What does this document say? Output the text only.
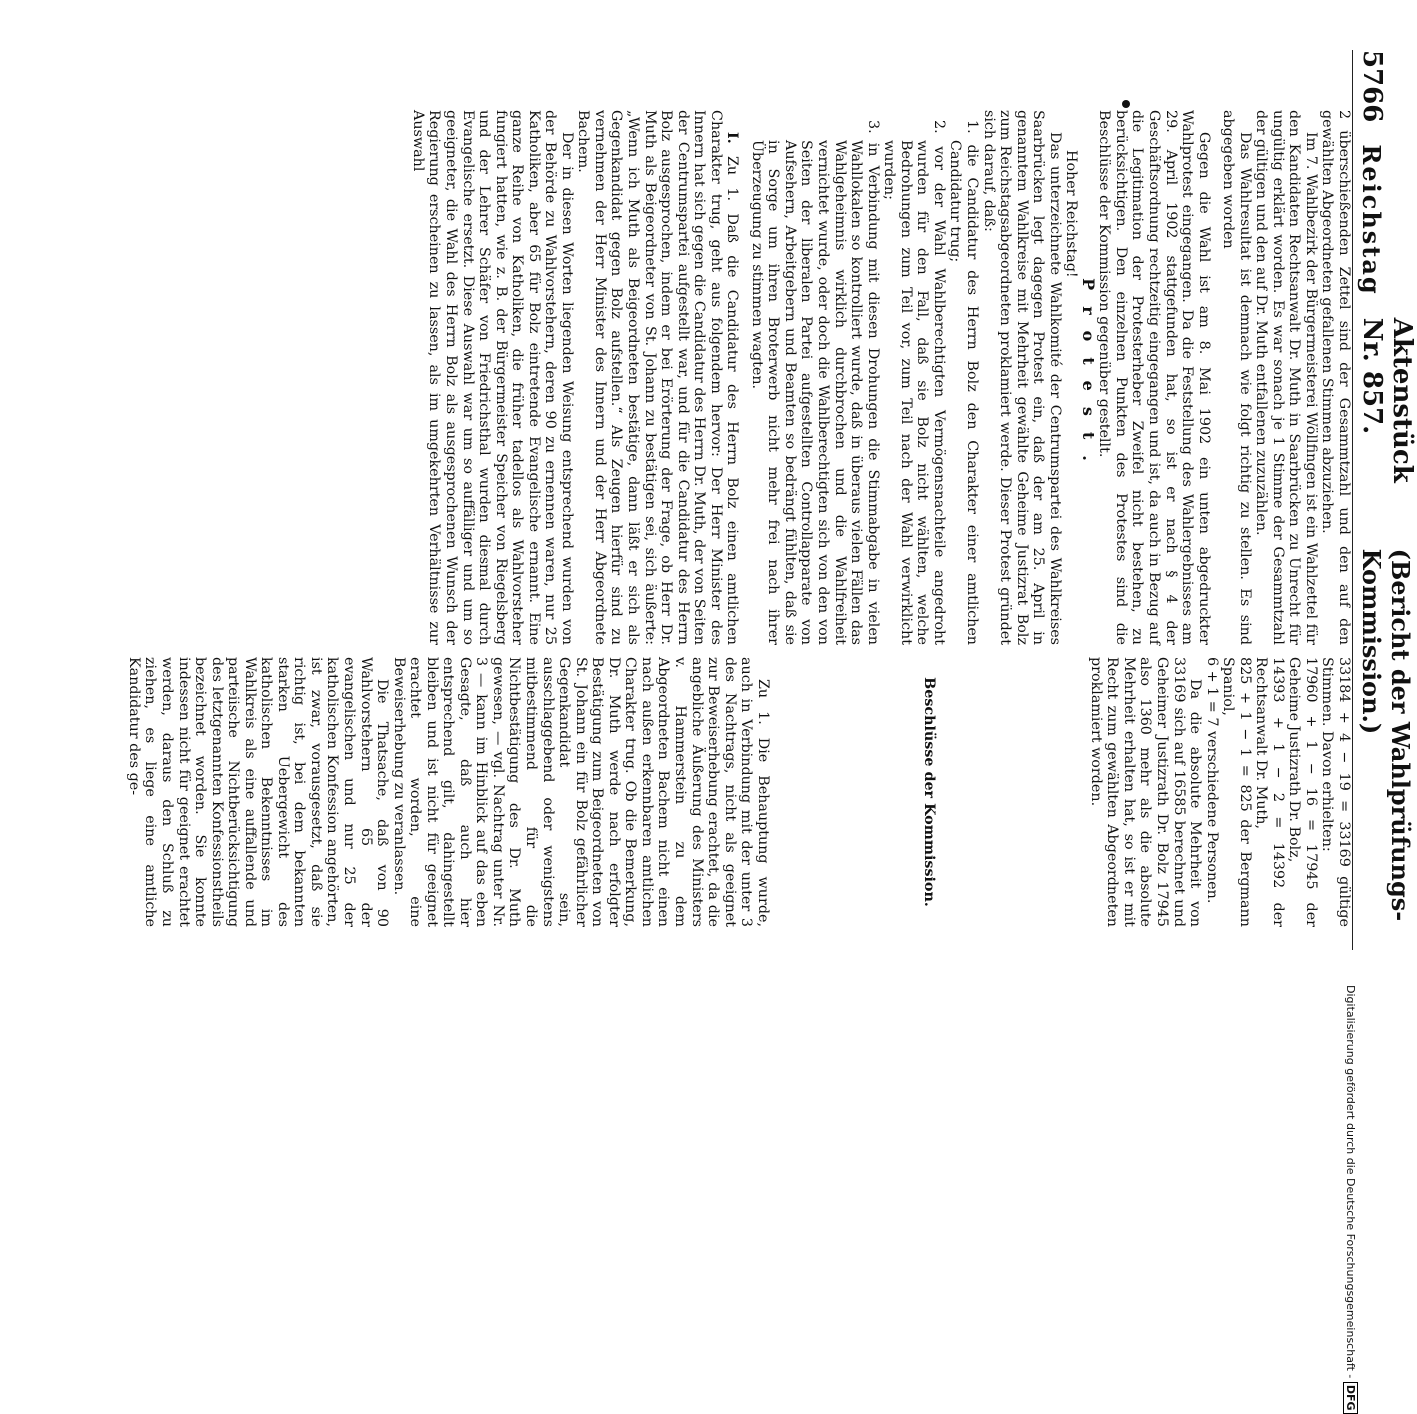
5766
Reichstag
Aktenstück Nr. 857.
(Bericht der Wahlprüfungs-Kommission.)

2 überschießenden Zettel sind der Gesammtzahl und den auf den gewählten Abgeordneten gefallenen Stimmen abzuziehen.

Im 7. Wahlbezirk der Bürgermeisterei Wöllfingen ist ein Wahlzettel für den Kandidaten Rechtsanwalt Dr. Muth in Saarbrücken zu Unrecht für ungültig erklärt worden. Es war sonach je 1 Stimme der Gesammtzahl der gültigen und den auf Dr. Muth entfallenen zuzuzählen.

Das Wahlresultat ist demnach wie folgt richtig zu stellen. Es sind abgegeben worden

Gegen die Wahl ist am 8. Mai 1902 ein unten abgedruckter Wahlprotest eingegangen. Da die Feststellung des Wahlergebnisses am 29. April 1902 stattgefunden hat, so ist er nach § 4 der Geschäftsordnung rechtzeitig eingegangen und ist, da auch in Bezug auf die Legitimation der Protesterheber Zweifel nicht bestehen, zu berücksichtigen. Den einzelnen Punkten des Protestes sind die Beschlüsse der Kommission gegenüber gestellt.

Protest.

Hoher Reichstag!

Das unterzeichnete Wahlkomité der Centrumspartei des Wahlkreises Saarbrücken legt dagegen Protest ein, daß der am 25. April in genanntem Wahlkreise mit Mehrheit gewählte Geheime Justizrat Bolz zum Reichstagsabgeordneten proklamiert werde. Dieser Protest gründet sich darauf, daß:

1. die Candidatur des Herrn Bolz den Charakter einer amtlichen Candidatur trug;

2. vor der Wahl Wahlberechtigten Vermögensnachteile angedroht wurden für den Fall, daß sie Bolz nicht wählten, welche Bedrohungen zum Teil vor, zum Teil nach der Wahl verwirklicht wurden;

3. in Verbindung mit diesen Drohungen die Stimmabgabe in vielen Wahllokalen so kontrolliert wurde, daß in überaus vielen Fällen das Wahlgeheimnis wirklich durchbrochen und die Wahlfreiheit vernichtet wurde, oder doch die Wahlberechtigten sich von den von Seiten der liberalen Partei aufgestellten Controllapparate von Aufsehern, Arbeitgebern und Beamten so bedrängt fühlten, daß sie in Sorge um ihren Broterwerb nicht mehr frei nach ihrer Überzeugung zu stimmen wagten.

I. Zu 1. Daß die Candidatur des Herrn Bolz einen amtlichen Charakter trug, geht aus folgendem hervor: Der Herr Minister des Innern hat sich gegen die Candidatur des Herrn Dr. Muth, der von Seiten der Centrumspartei aufgestellt war, und für die Candidatur des Herrn Bolz ausgesprochen, indem er bei Erörterung der Frage, ob Herr Dr. Muth als Beigeordneter von St. Johann zu bestätigen sei, sich äußerte: „Wenn ich Muth als Beigeordneten bestätige, dann läßt er sich als Gegenkandidat gegen Bolz aufstellen.“ Als Zeugen hierfür sind zu vernehmen der Herr Minister des Innern und der Herr Abgeordnete Bachem.

Der in diesen Worten liegenden Weisung entsprechend wurden von der Behörde zu Wahlvorstehern, deren 90 zu ernennen waren, nur 25 Katholiken, aber 65 für Bolz eintretende Evangelische ernannt. Eine ganze Reihe von Katholiken, die früher tadellos als Wahlvorsteher fungiert hatten, wie z. B. der Bürgermeister Speicher von Riegelsberg und der Lehrer Schäfer von Friedrichsthal wurden diesmal durch Evangelische ersetzt. Diese Auswahl war um so auffälliger und um so geeigneter, die Wahl des Herrn Bolz als ausgesprochenen Wunsch der Regierung erscheinen zu lassen, als im umgekehrten Verhältnisse zur Auswahl

33184 + 4 − 19 = 33169 gültige Stimmen. Davon erhielten:

17960 + 1 − 16 = 17945 der Geheime Justizrath Dr. Bolz,

14393 + 1 − 2 = 14392 der Rechtsanwalt Dr. Muth,

825 + 1 − 1 = 825 der Bergmann Spaniol,

6 + 1 = 7 verschiedene Personen.

Da die absolute Mehrheit von 33169 sich auf 16585 berechnet und Geheimer Justizrath Dr. Bolz 17945 also 1360 mehr als die absolute Mehrheit erhalten hat, so ist er mit Recht zum gewählten Abgeordneten proklamiert worden.

Beschlüsse der Kommission.

Zu 1. Die Behauptung wurde, auch in Verbindung mit der unter 3 des Nachtrags, nicht als geeignet zur Beweiserhebung erachtet, da die angebliche Äußerung des Ministers v. Hammerstein zu dem Abgeordneten Bachem nicht einen nach außen erkennbaren amtlichen Charakter trug. Ob die Bemerkung, Dr. Muth werde nach erfolgter Bestätigung zum Beigeordneten von St. Johann ein für Bolz gefährlicher Gegenkandidat sein, ausschlaggebend oder wenigstens mitbestimmend für die Nichtbestätigung des Dr. Muth gewesen, — vgl. Nachtrag unter Nr. 3 — kann im Hinblick auf das eben Gesagte, daß auch hier entsprechend gilt, dahingestellt bleiben und ist nicht für geeignet erachtet worden, eine Beweiserhebung zu veranlassen.

Die Thatsache, daß von 90 Wahlvorstehern 65 der evangelischen und nur 25 der katholischen Konfession angehörten, ist zwar, vorausgesetzt, daß sie richtig ist, bei dem bekannten starken Uebergewicht des katholischen Bekenntnisses im Wahlkreis als eine auffallende und parteiische Nichtberücksichtigung des letztgenannten Konfessionstheils bezeichnet worden. Sie konnte indessen nicht für geeignet erachtet werden, daraus den Schluß zu ziehen, es liege eine amtliche Kandidatur des ge-

Digitalisierung gefördert durch die Deutsche Forschungsgemeinschaft - DFG
